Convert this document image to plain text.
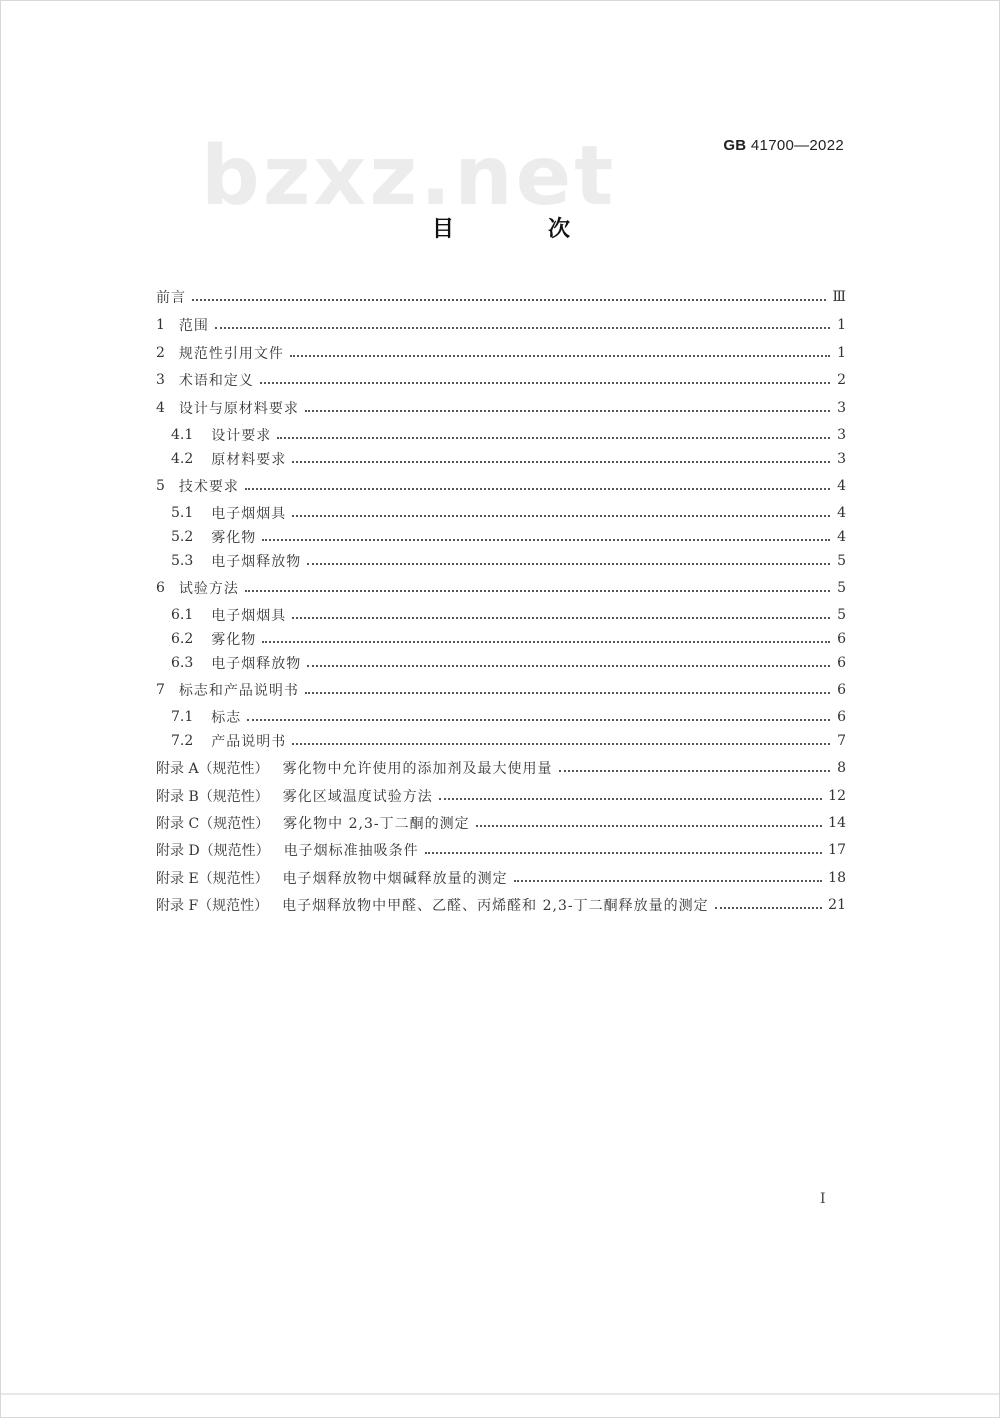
bzxz.net	GB 41700—2022
目　次
前言	Ⅲ
1 范围	1
2 规范性引用文件	1
3 术语和定义	2
4 设计与原材料要求	3
4.1 设计要求	3
4.2 原材料要求	3
5 技术要求	4
5.1 电子烟烟具	4
5.2 雾化物	4
5.3 电子烟释放物	5
6 试验方法	5
6.1 电子烟烟具	5
6.2 雾化物	6
6.3 电子烟释放物	6
7 标志和产品说明书	6
7.1 标志	6
7.2 产品说明书	7
附录 A（规范性） 雾化物中允许使用的添加剂及最大使用量	8
附录 B（规范性） 雾化区域温度试验方法	12
附录 C（规范性） 雾化物中 2,3-丁二酮的测定	14
附录 D（规范性） 电子烟标准抽吸条件	17
附录 E（规范性） 电子烟释放物中烟碱释放量的测定	18
附录 F（规范性） 电子烟释放物中甲醛、乙醛、丙烯醛和 2,3-丁二酮释放量的测定	21
I
